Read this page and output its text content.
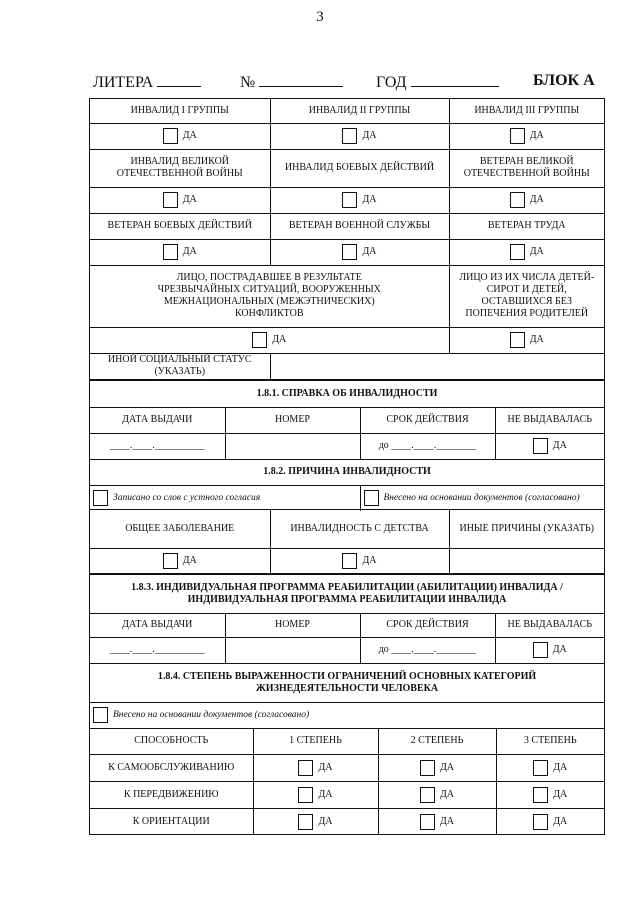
3
ЛИТЕРА	№	ГОД	БЛОК А
ИНВАЛИД I ГРУППЫ	ИНВАЛИД II ГРУППЫ	ИНВАЛИД III ГРУППЫ
ДА	ДА	ДА
ИНВАЛИД ВЕЛИКОЙ ОТЕЧЕСТВЕННОЙ ВОЙНЫ	ИНВАЛИД БОЕВЫХ ДЕЙСТВИЙ	ВЕТЕРАН ВЕЛИКОЙ ОТЕЧЕСТВЕННОЙ ВОЙНЫ
ДА	ДА	ДА
ВЕТЕРАН БОЕВЫХ ДЕЙСТВИЙ	ВЕТЕРАН ВОЕННОЙ СЛУЖБЫ	ВЕТЕРАН ТРУДА
ДА	ДА	ДА
ЛИЦО, ПОСТРАДАВШЕЕ В РЕЗУЛЬТАТЕ ЧРЕЗВЫЧАЙНЫХ СИТУАЦИЙ, ВООРУЖЕННЫХ МЕЖНАЦИОНАЛЬНЫХ (МЕЖЭТНИЧЕСКИХ) КОНФЛИКТОВ		ЛИЦО ИЗ ИХ ЧИСЛА ДЕТЕЙ-СИРОТ И ДЕТЕЙ, ОСТАВШИХСЯ БЕЗ ПОПЕЧЕНИЯ РОДИТЕЛЕЙ
ДА		ДА
ИНОЙ СОЦИАЛЬНЫЙ СТАТУС (УКАЗАТЬ)		
1.8.1. СПРАВКА ОБ ИНВАЛИДНОСТИ			
ДАТА ВЫДАЧИ	НОМЕР	СРОК ДЕЙСТВИЯ	НЕ ВЫДАВАЛАСЬ
____.____.__________		до ____.____.________	ДА
1.8.2. ПРИЧИНА ИНВАЛИДНОСТИ			
Записано со слов с устного согласия		Внесено на основании документов (согласовано)	
ОБЩЕЕ ЗАБОЛЕВАНИЕ	ИНВАЛИДНОСТЬ С ДЕТСТВА	ИНЫЕ ПРИЧИНЫ (УКАЗАТЬ)
ДА	ДА	
1.8.3. ИНДИВИДУАЛЬНАЯ ПРОГРАММА РЕАБИЛИТАЦИИ (АБИЛИТАЦИИ) ИНВАЛИДА / ИНДИВИДУАЛЬНАЯ ПРОГРАММА РЕАБИЛИТАЦИИ ИНВАЛИДА			
ДАТА ВЫДАЧИ	НОМЕР	СРОК ДЕЙСТВИЯ	НЕ ВЫДАВАЛАСЬ
____.____.__________		до ____.____.________	ДА
1.8.4. СТЕПЕНЬ ВЫРАЖЕННОСТИ ОГРАНИЧЕНИЙ ОСНОВНЫХ КАТЕГОРИЙ ЖИЗНЕДЕЯТЕЛЬНОСТИ ЧЕЛОВЕКА			
Внесено на основании документов (согласовано)			
СПОСОБНОСТЬ	1 СТЕПЕНЬ	2 СТЕПЕНЬ	3 СТЕПЕНЬ
К САМООБСЛУЖИВАНИЮ	ДА	ДА	ДА
К ПЕРЕДВИЖЕНИЮ	ДА	ДА	ДА
К ОРИЕНТАЦИИ	ДА	ДА	ДА
